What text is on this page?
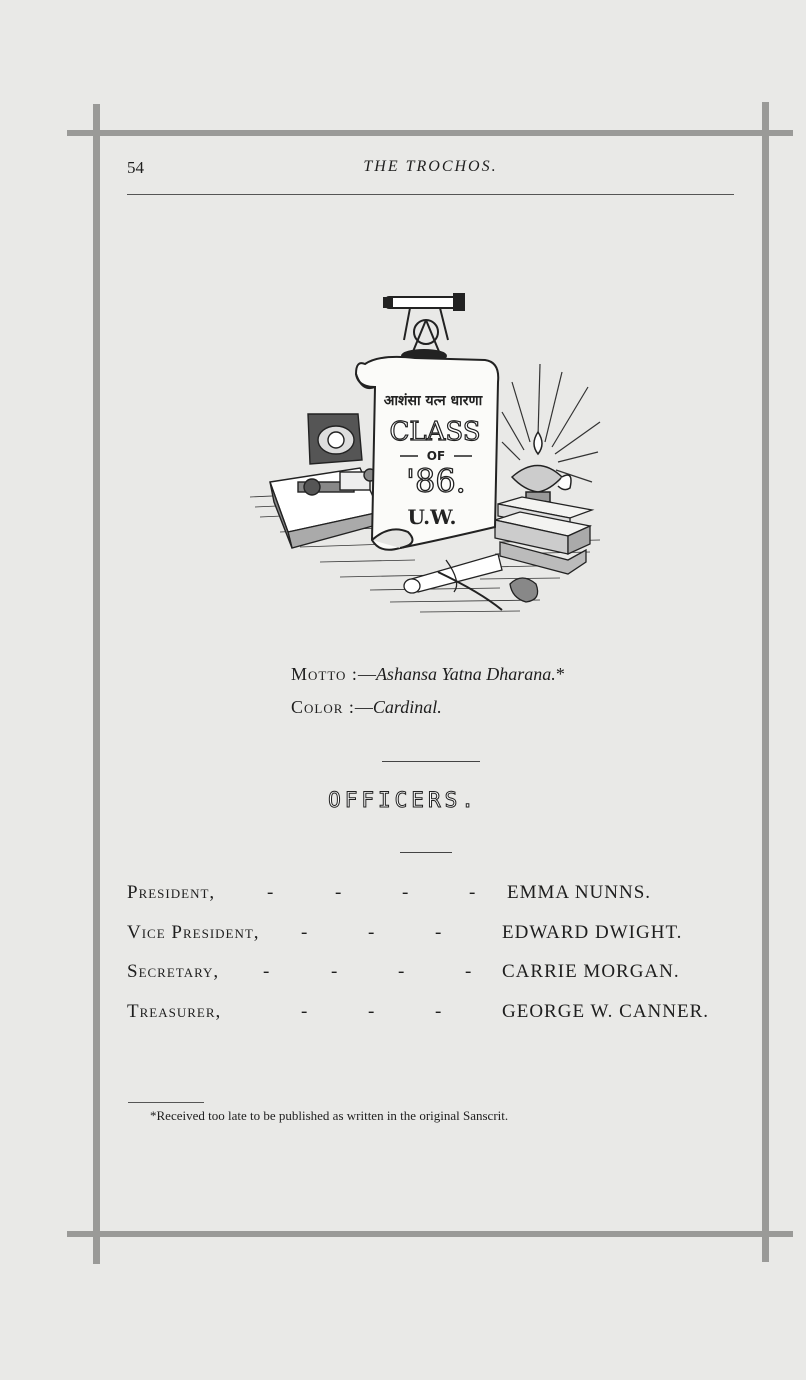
54	THE TROCHOS.
आशंसा यत्न धारणा
CLASS
OF
'86.
U.W.
Motto :—Ashansa Yatna Dharana.*
Color :—Cardinal.
OFFICERS.
President,	-	-	-	- EMMA NUNNS.
Vice President, -	-	-	EDWARD DWIGHT.
Secretary, -	-	-	- CARRIE MORGAN.
Treasurer,	-	-	-	GEORGE W. CANNER.
*Received too late to be published as written in the original Sanscrit.
